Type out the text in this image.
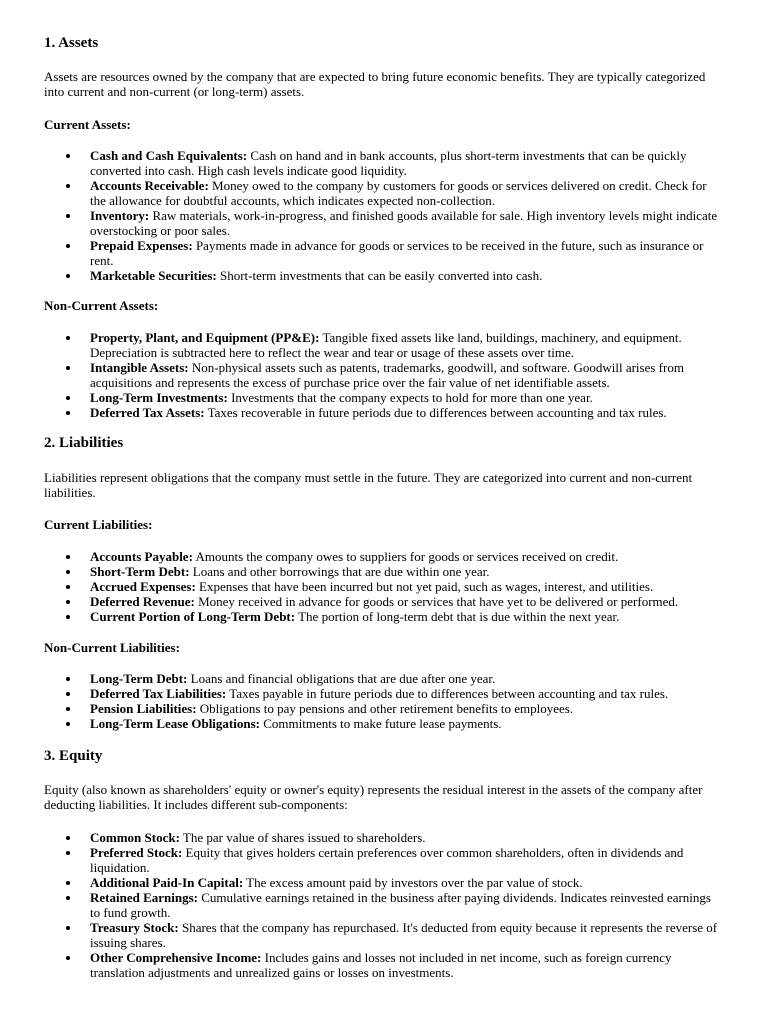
1. Assets

Assets are resources owned by the company that are expected to bring future economic benefits. They are typically categorized into current and non-current (or long-term) assets.

Current Assets:
Cash and Cash Equivalents: Cash on hand and in bank accounts, plus short-term investments that can be quickly converted into cash. High cash levels indicate good liquidity.
Accounts Receivable: Money owed to the company by customers for goods or services delivered on credit. Check for the allowance for doubtful accounts, which indicates expected non-collection.
Inventory: Raw materials, work-in-progress, and finished goods available for sale. High inventory levels might indicate overstocking or poor sales.
Prepaid Expenses: Payments made in advance for goods or services to be received in the future, such as insurance or rent.
Marketable Securities: Short-term investments that can be easily converted into cash.
Non-Current Assets:
Property, Plant, and Equipment (PP&E): Tangible fixed assets like land, buildings, machinery, and equipment. Depreciation is subtracted here to reflect the wear and tear or usage of these assets over time.
Intangible Assets: Non-physical assets such as patents, trademarks, goodwill, and software. Goodwill arises from acquisitions and represents the excess of purchase price over the fair value of net identifiable assets.
Long-Term Investments: Investments that the company expects to hold for more than one year.
Deferred Tax Assets: Taxes recoverable in future periods due to differences between accounting and tax rules.
2. Liabilities

Liabilities represent obligations that the company must settle in the future. They are categorized into current and non-current liabilities.

Current Liabilities:
Accounts Payable: Amounts the company owes to suppliers for goods or services received on credit.
Short-Term Debt: Loans and other borrowings that are due within one year.
Accrued Expenses: Expenses that have been incurred but not yet paid, such as wages, interest, and utilities.
Deferred Revenue: Money received in advance for goods or services that have yet to be delivered or performed.
Current Portion of Long-Term Debt: The portion of long-term debt that is due within the next year.
Non-Current Liabilities:
Long-Term Debt: Loans and financial obligations that are due after one year.
Deferred Tax Liabilities: Taxes payable in future periods due to differences between accounting and tax rules.
Pension Liabilities: Obligations to pay pensions and other retirement benefits to employees.
Long-Term Lease Obligations: Commitments to make future lease payments.
3. Equity

Equity (also known as shareholders' equity or owner's equity) represents the residual interest in the assets of the company after deducting liabilities. It includes different sub-components:

Common Stock: The par value of shares issued to shareholders.
Preferred Stock: Equity that gives holders certain preferences over common shareholders, often in dividends and liquidation.
Additional Paid-In Capital: The excess amount paid by investors over the par value of stock.
Retained Earnings: Cumulative earnings retained in the business after paying dividends. Indicates reinvested earnings to fund growth.
Treasury Stock: Shares that the company has repurchased. It's deducted from equity because it represents the reverse of issuing shares.
Other Comprehensive Income: Includes gains and losses not included in net income, such as foreign currency translation adjustments and unrealized gains or losses on investments.
